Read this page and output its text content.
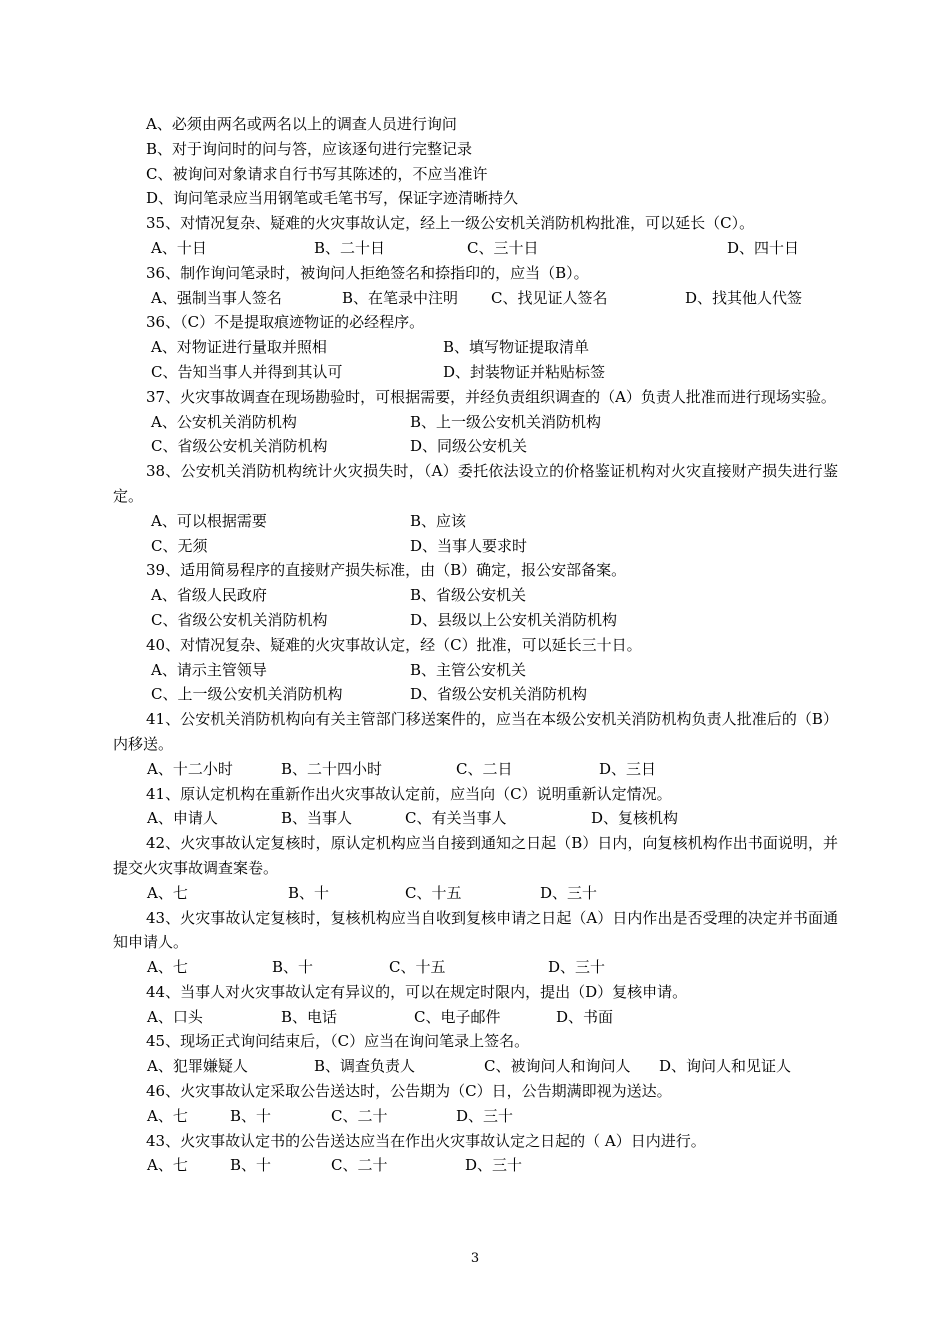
A、必须由两名或两名以上的调查人员进行询问
B、对于询问时的问与答，应该逐句进行完整记录
C、被询问对象请求自行书写其陈述的，不应当准许
D、询问笔录应当用钢笔或毛笔书写，保证字迹清晰持久
35、对情况复杂、疑难的火灾事故认定，经上一级公安机关消防机构批准，可以延长（C）。
A、十日	B、二十日	C、三十日	D、四十日
36、制作询问笔录时，被询问人拒绝签名和捺指印的，应当（B）。
A、强制当事人签名	B、在笔录中注明 C、找见证人签名	D、找其他人代签
36、（C）不是提取痕迹物证的必经程序。
A、对物证进行量取并照相	B、填写物证提取清单
C、告知当事人并得到其认可	D、封装物证并粘贴标签
37、火灾事故调查在现场勘验时，可根据需要，并经负责组织调查的（A）负责人批准而进行现场实验。
A、公安机关消防机构	B、上一级公安机关消防机构
C、省级公安机关消防机构	D、同级公安机关
38、公安机关消防机构统计火灾损失时，（A）委托依法设立的价格鉴证机构对火灾直接财产损失进行鉴定。
A、可以根据需要	B、应该
C、无须	D、当事人要求时
39、适用简易程序的直接财产损失标准，由（B）确定，报公安部备案。
A、省级人民政府	B、省级公安机关
C、省级公安机关消防机构	D、县级以上公安机关消防机构
40、对情况复杂、疑难的火灾事故认定，经（C）批准，可以延长三十日。
A、请示主管领导	B、主管公安机关
C、上一级公安机关消防机构	D、省级公安机关消防机构
41、公安机关消防机构向有关主管部门移送案件的，应当在本级公安机关消防机构负责人批准后的（B）内移送。
A、十二小时	B、二十四小时	C、二日	D、三日
41、原认定机构在重新作出火灾事故认定前，应当向（C）说明重新认定情况。
A、申请人	B、当事人	C、有关当事人	D、复核机构
42、火灾事故认定复核时，原认定机构应当自接到通知之日起（B）日内，向复核机构作出书面说明，并提交火灾事故调查案卷。
A、七	B、十	C、十五	D、三十
43、火灾事故认定复核时，复核机构应当自收到复核申请之日起（A）日内作出是否受理的决定并书面通知申请人。
A、七	B、十	C、十五	D、三十
44、当事人对火灾事故认定有异议的，可以在规定时限内，提出（D）复核申请。
A、口头	B、电话	C、电子邮件	D、书面
45、现场正式询问结束后，（C）应当在询问笔录上签名。
A、犯罪嫌疑人	B、调查负责人	C、被询问人和询问人 D、询问人和见证人
46、火灾事故认定采取公告送达时，公告期为（C）日，公告期满即视为送达。
A、七	B、十	C、二十	D、三十
43、火灾事故认定书的公告送达应当在作出火灾事故认定之日起的（ A）日内进行。
A、七	B、十	C、二十	D、三十
3
